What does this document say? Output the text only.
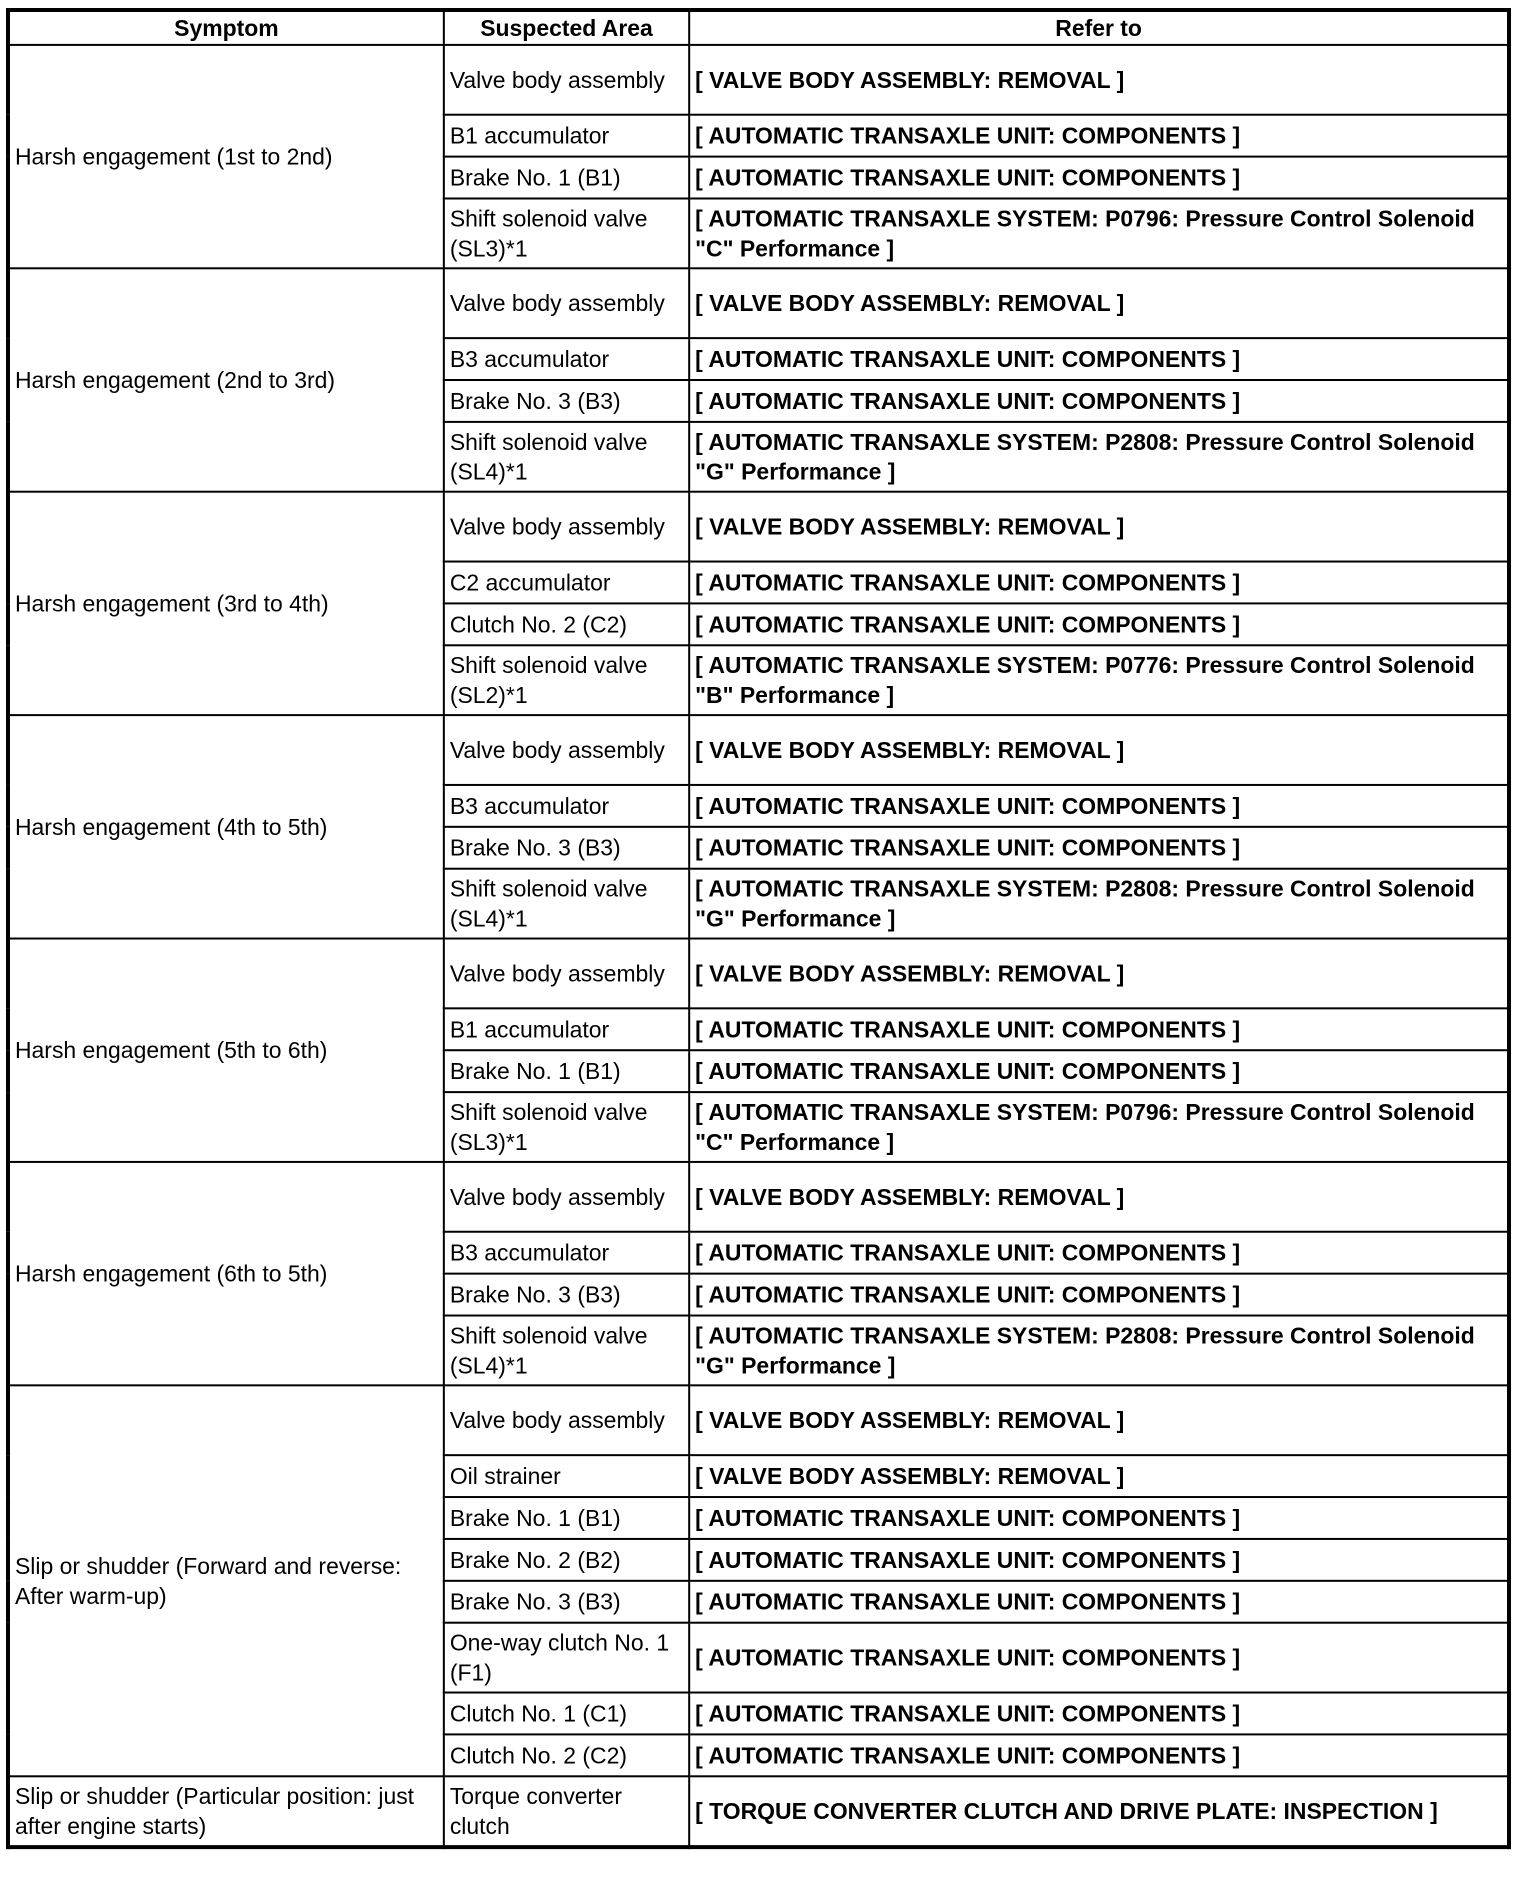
Symptom	Suspected Area	Refer to
Harsh engagement (1st to 2nd)	Valve body assembly	[ VALVE BODY ASSEMBLY: REMOVAL ]
	B1 accumulator	[ AUTOMATIC TRANSAXLE UNIT: COMPONENTS ]
	Brake No. 1 (B1)	[ AUTOMATIC TRANSAXLE UNIT: COMPONENTS ]
	Shift solenoid valve (SL3)*1	[ AUTOMATIC TRANSAXLE SYSTEM: P0796: Pressure Control Solenoid "C" Performance ]
Harsh engagement (2nd to 3rd)	Valve body assembly	[ VALVE BODY ASSEMBLY: REMOVAL ]
	B3 accumulator	[ AUTOMATIC TRANSAXLE UNIT: COMPONENTS ]
	Brake No. 3 (B3)	[ AUTOMATIC TRANSAXLE UNIT: COMPONENTS ]
	Shift solenoid valve (SL4)*1	[ AUTOMATIC TRANSAXLE SYSTEM: P2808: Pressure Control Solenoid "G" Performance ]
Harsh engagement (3rd to 4th)	Valve body assembly	[ VALVE BODY ASSEMBLY: REMOVAL ]
	C2 accumulator	[ AUTOMATIC TRANSAXLE UNIT: COMPONENTS ]
	Clutch No. 2 (C2)	[ AUTOMATIC TRANSAXLE UNIT: COMPONENTS ]
	Shift solenoid valve (SL2)*1	[ AUTOMATIC TRANSAXLE SYSTEM: P0776: Pressure Control Solenoid "B" Performance ]
Harsh engagement (4th to 5th)	Valve body assembly	[ VALVE BODY ASSEMBLY: REMOVAL ]
	B3 accumulator	[ AUTOMATIC TRANSAXLE UNIT: COMPONENTS ]
	Brake No. 3 (B3)	[ AUTOMATIC TRANSAXLE UNIT: COMPONENTS ]
	Shift solenoid valve (SL4)*1	[ AUTOMATIC TRANSAXLE SYSTEM: P2808: Pressure Control Solenoid "G" Performance ]
Harsh engagement (5th to 6th)	Valve body assembly	[ VALVE BODY ASSEMBLY: REMOVAL ]
	B1 accumulator	[ AUTOMATIC TRANSAXLE UNIT: COMPONENTS ]
	Brake No. 1 (B1)	[ AUTOMATIC TRANSAXLE UNIT: COMPONENTS ]
	Shift solenoid valve (SL3)*1	[ AUTOMATIC TRANSAXLE SYSTEM: P0796: Pressure Control Solenoid "C" Performance ]
Harsh engagement (6th to 5th)	Valve body assembly	[ VALVE BODY ASSEMBLY: REMOVAL ]
	B3 accumulator	[ AUTOMATIC TRANSAXLE UNIT: COMPONENTS ]
	Brake No. 3 (B3)	[ AUTOMATIC TRANSAXLE UNIT: COMPONENTS ]
	Shift solenoid valve (SL4)*1	[ AUTOMATIC TRANSAXLE SYSTEM: P2808: Pressure Control Solenoid "G" Performance ]
Slip or shudder (Forward and reverse: After warm-up)	Valve body assembly	[ VALVE BODY ASSEMBLY: REMOVAL ]
	Oil strainer	[ VALVE BODY ASSEMBLY: REMOVAL ]
	Brake No. 1 (B1)	[ AUTOMATIC TRANSAXLE UNIT: COMPONENTS ]
	Brake No. 2 (B2)	[ AUTOMATIC TRANSAXLE UNIT: COMPONENTS ]
	Brake No. 3 (B3)	[ AUTOMATIC TRANSAXLE UNIT: COMPONENTS ]
	One-way clutch No. 1 (F1)	[ AUTOMATIC TRANSAXLE UNIT: COMPONENTS ]
	Clutch No. 1 (C1)	[ AUTOMATIC TRANSAXLE UNIT: COMPONENTS ]
	Clutch No. 2 (C2)	[ AUTOMATIC TRANSAXLE UNIT: COMPONENTS ]
Slip or shudder (Particular position: just after engine starts)	Torque converter clutch	[ TORQUE CONVERTER CLUTCH AND DRIVE PLATE: INSPECTION ]
